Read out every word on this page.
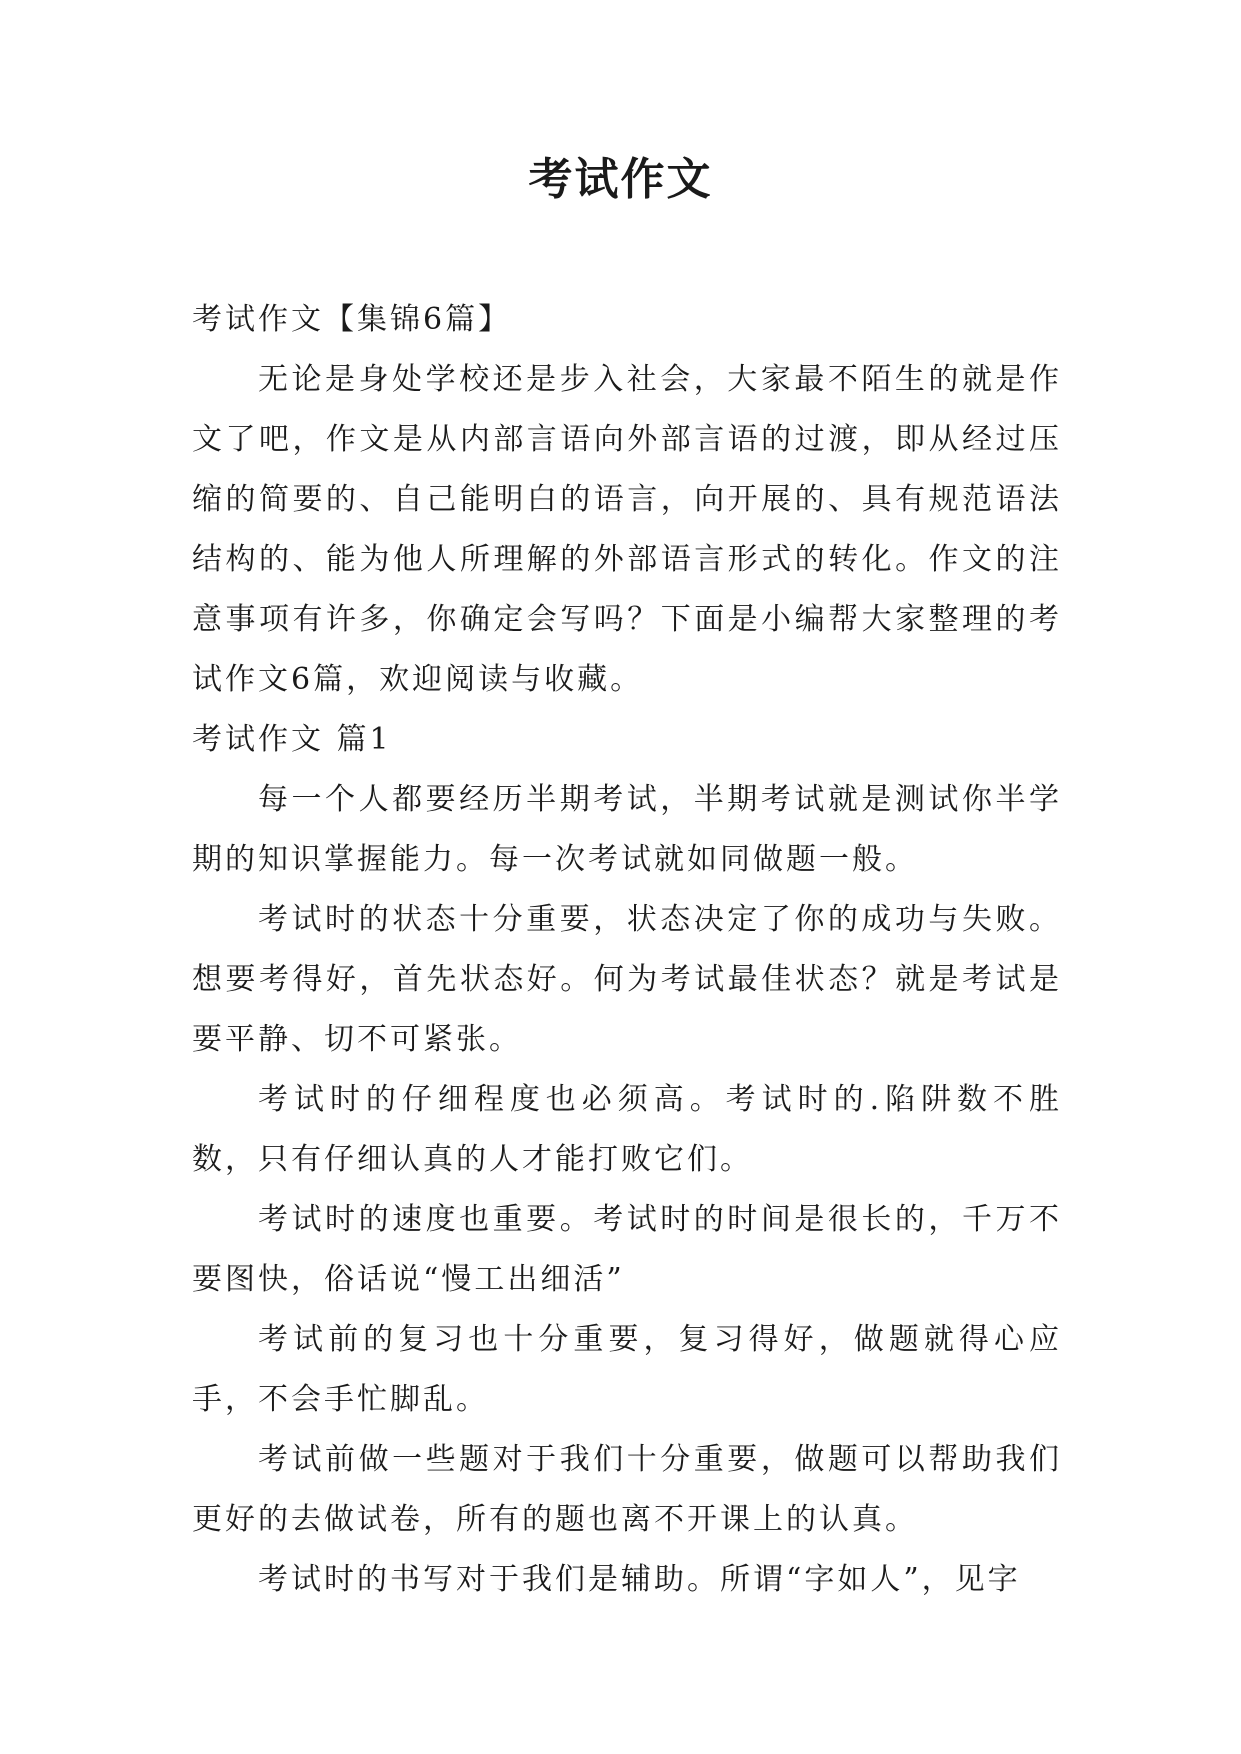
考试作文

考试作文【集锦6篇】

无论是身处学校还是步入社会，大家最不陌生的就是作文了吧，作文是从内部言语向外部言语的过渡，即从经过压缩的简要的、自己能明白的语言，向开展的、具有规范语法结构的、能为他人所理解的外部语言形式的转化。作文的注意事项有许多，你确定会写吗？下面是小编帮大家整理的考试作文6篇，欢迎阅读与收藏。

考试作文 篇1

每一个人都要经历半期考试，半期考试就是测试你半学期的知识掌握能力。每一次考试就如同做题一般。

考试时的状态十分重要，状态决定了你的成功与失败。想要考得好，首先状态好。何为考试最佳状态？就是考试是要平静、切不可紧张。

考试时的仔细程度也必须高。考试时的.陷阱数不胜数，只有仔细认真的人才能打败它们。

考试时的速度也重要。考试时的时间是很长的，千万不要图快，俗话说“慢工出细活”

考试前的复习也十分重要，复习得好，做题就得心应手，不会手忙脚乱。

考试前做一些题对于我们十分重要，做题可以帮助我们更好的去做试卷，所有的题也离不开课上的认真。

考试时的书写对于我们是辅助。所谓“字如人”，见字
